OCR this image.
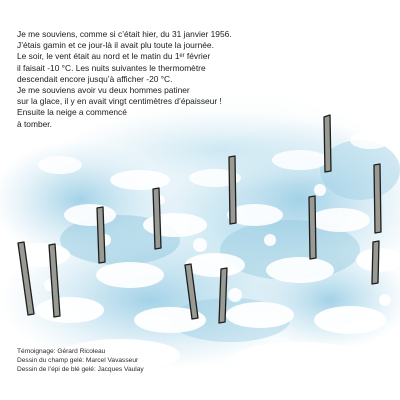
Je me souviens, comme si c’était hier, du 31 janvier 1956.
J’étais gamin et ce jour-là il avait plu toute la journée.
Le soir, le vent était au nord et le matin du 1ᵉʳ février
il faisait -10 °C. Les nuits suivantes le thermomètre
descendait encore jusqu’à afficher -20 °C.
Je me souviens avoir vu deux hommes patiner
sur la glace, il y en avait vingt centimètres d’épaisseur !
Ensuite la neige a commencé
à tomber.

Témoignage: Gérard Ricoleau
Dessin du champ gelé: Marcel Vavasseur
Dessin de l’épi de blé gelé: Jacques Vaulay
